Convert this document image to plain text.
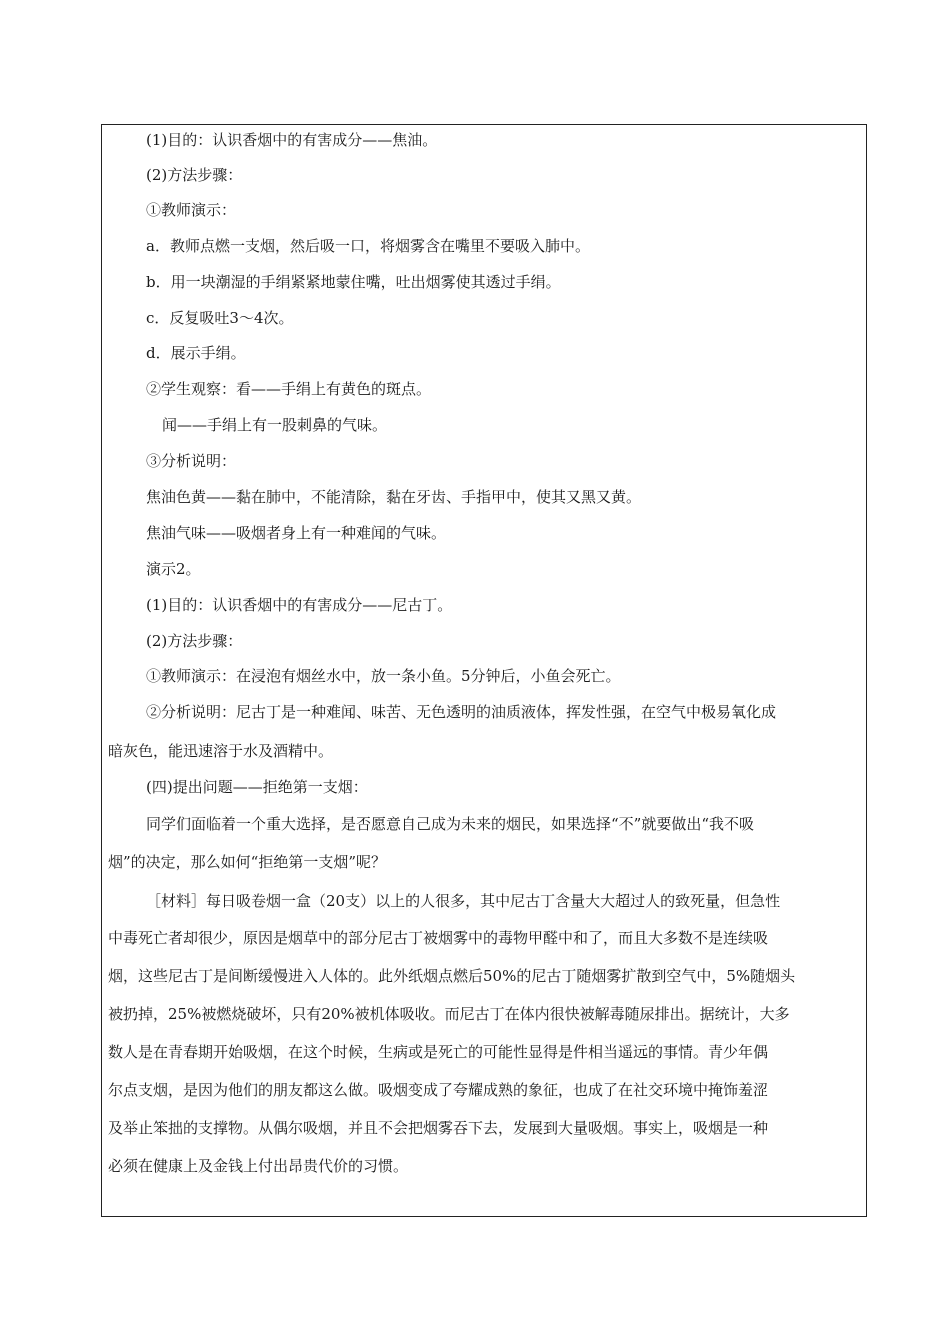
(1)目的：认识香烟中的有害成分——焦油。
(2)方法步骤：
①教师演示：
a．教师点燃一支烟，然后吸一口，将烟雾含在嘴里不要吸入肺中。
b．用一块潮湿的手绢紧紧地蒙住嘴，吐出烟雾使其透过手绢。
c．反复吸吐3～4次。
d．展示手绢。
②学生观察：看——手绢上有黄色的斑点。
闻——手绢上有一股刺鼻的气味。
③分析说明：
焦油色黄——黏在肺中，不能清除，黏在牙齿、手指甲中，使其又黑又黄。
焦油气味——吸烟者身上有一种难闻的气味。
演示2。
(1)目的：认识香烟中的有害成分——尼古丁。
(2)方法步骤：
①教师演示：在浸泡有烟丝水中，放一条小鱼。5分钟后，小鱼会死亡。
②分析说明：尼古丁是一种难闻、味苦、无色透明的油质液体，挥发性强，在空气中极易氧化成
暗灰色，能迅速溶于水及酒精中。
(四)提出问题——拒绝第一支烟：
同学们面临着一个重大选择，是否愿意自己成为未来的烟民，如果选择“不”就要做出“我不吸
烟”的决定，那么如何“拒绝第一支烟”呢？
［材料］每日吸卷烟一盒（20支）以上的人很多，其中尼古丁含量大大超过人的致死量，但急性
中毒死亡者却很少，原因是烟草中的部分尼古丁被烟雾中的毒物甲醛中和了，而且大多数不是连续吸
烟，这些尼古丁是间断缓慢进入人体的。此外纸烟点燃后50%的尼古丁随烟雾扩散到空气中，5%随烟头
被扔掉，25%被燃烧破坏，只有20%被机体吸收。而尼古丁在体内很快被解毒随尿排出。据统计，大多
数人是在青春期开始吸烟，在这个时候，生病或是死亡的可能性显得是件相当遥远的事情。青少年偶
尔点支烟，是因为他们的朋友都这么做。吸烟变成了夸耀成熟的象征，也成了在社交环境中掩饰羞涩
及举止笨拙的支撑物。从偶尔吸烟，并且不会把烟雾吞下去，发展到大量吸烟。事实上，吸烟是一种
必须在健康上及金钱上付出昂贵代价的习惯。
